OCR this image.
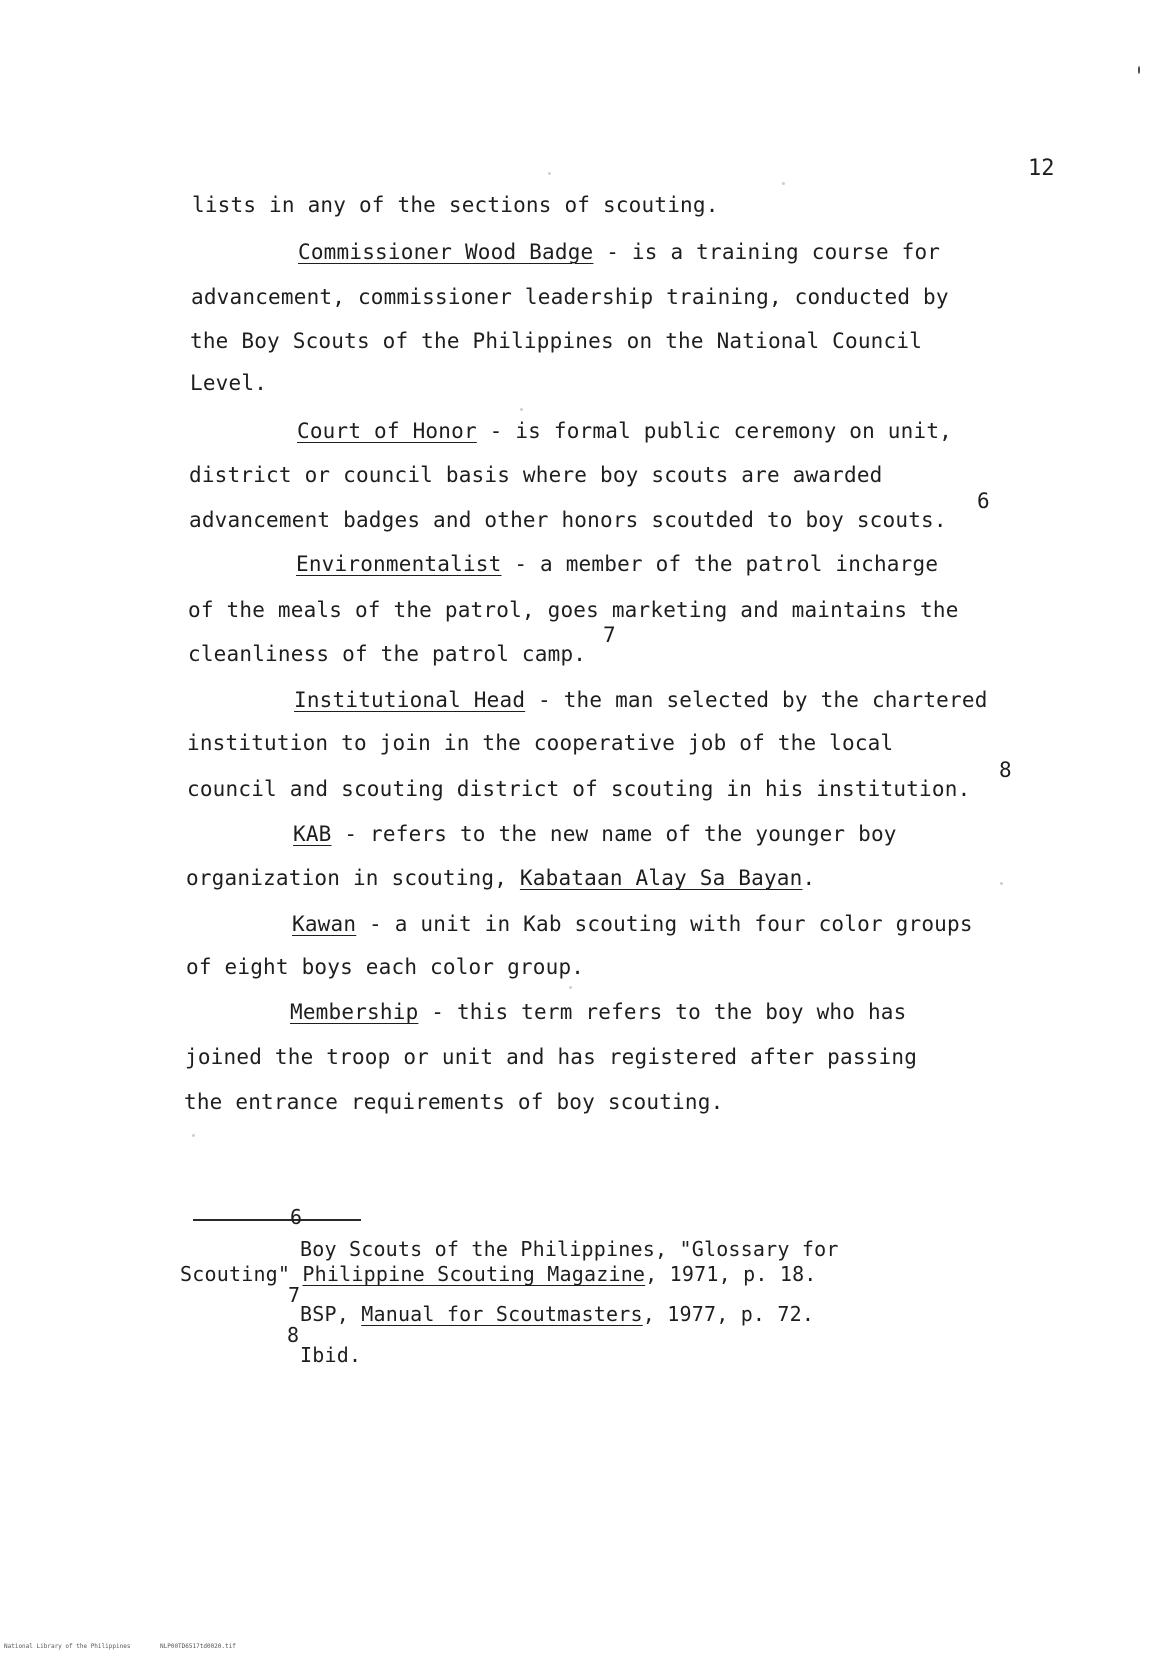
12
lists in any of the sections of scouting.
Commissioner Wood Badge - is a training course for
advancement, commissioner leadership training, conducted by
the Boy Scouts of the Philippines on the National Council
Level.
Court of Honor - is formal public ceremony on unit,
district or council basis where boy scouts are awarded
6
advancement badges and other honors scoutded to boy scouts.
Environmentalist - a member of the patrol incharge
of the meals of the patrol, goes marketing and maintains the
7
cleanliness of the patrol camp.
Institutional Head - the man selected by the chartered
institution to join in the cooperative job of the local
8
council and scouting district of scouting in his institution.
KAB - refers to the new name of the younger boy
organization in scouting, Kabataan Alay Sa Bayan.
Kawan - a unit in Kab scouting with four color groups
of eight boys each color group.
Membership - this term refers to the boy who has
joined the troop or unit and has registered after passing
the entrance requirements of boy scouting.
6
Boy Scouts of the Philippines, "Glossary for
Scouting" Philippine Scouting Magazine, 1971, p. 18.
7
BSP, Manual for Scoutmasters, 1977, p. 72.
8
Ibid.
National Library of the Philippines	NLP00TD6517td0020.tif
